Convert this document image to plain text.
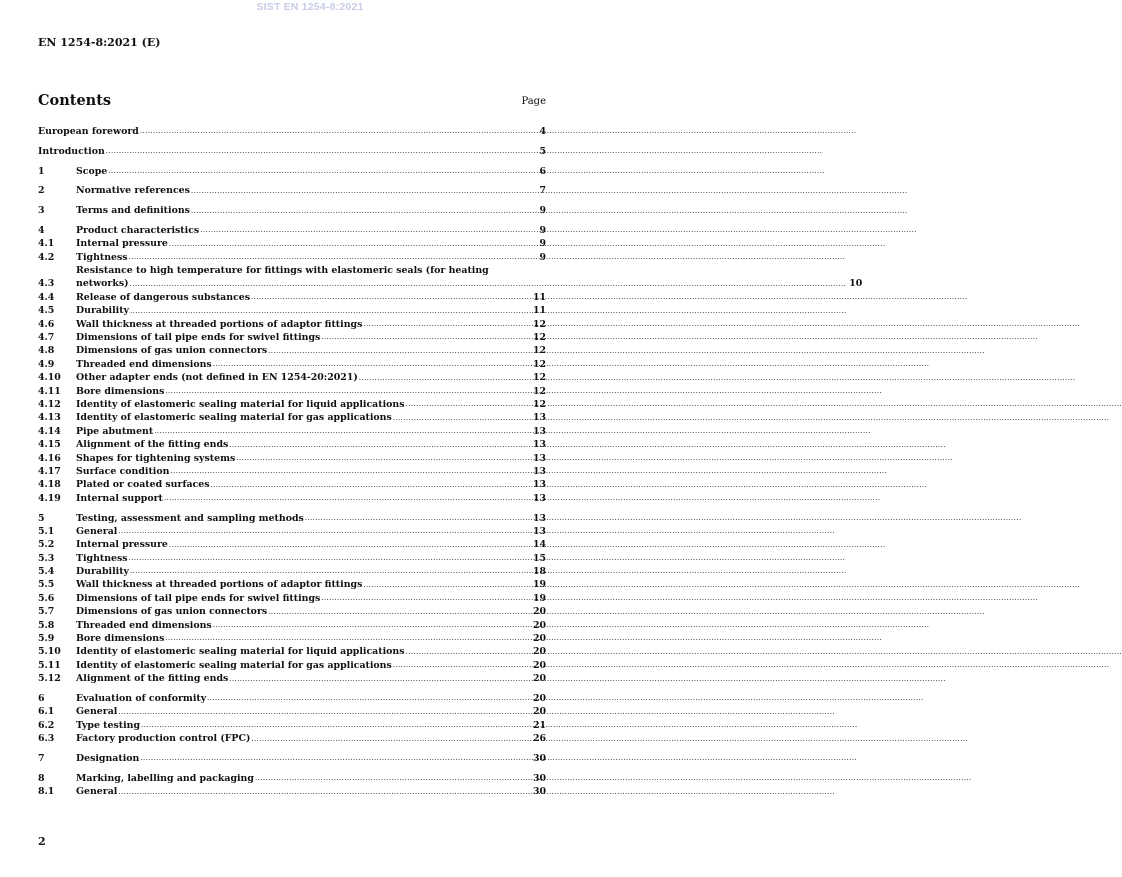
SIST EN 1254-8:2021
EN 1254-8:2021 (E)
Contents	Page
European foreword .....	4
Introduction .....	5
1	Scope .....	6
2	Normative references .....	7
3	Terms and definitions .....	9
4	Product characteristics .....	9
4.1	Internal pressure .....	9
4.2	Tightness .....	9
4.3
Resistance to high temperature for fittings with elastomeric seals (for heating
networks) .....	10
4.4	Release of dangerous substances .....	11
4.5	Durability .....	11
4.6	Wall thickness at threaded portions of adaptor fittings .....	12
4.7	Dimensions of tail pipe ends for swivel fittings .....	12
4.8	Dimensions of gas union connectors .....	12
4.9	Threaded end dimensions .....	12
4.10	Other adapter ends (not defined in EN 1254-20:2021) .....	12
4.11	Bore dimensions .....	12
4.12	Identity of elastomeric sealing material for liquid applications .....	12
4.13	Identity of elastomeric sealing material for gas applications .....	13
4.14	Pipe abutment .....	13
4.15	Alignment of the fitting ends .....	13
4.16	Shapes for tightening systems .....	13
4.17	Surface condition .....	13
4.18	Plated or coated surfaces .....	13
4.19	Internal support .....	13
5	Testing, assessment and sampling methods .....	13
5.1	General .....	13
5.2	Internal pressure .....	14
5.3	Tightness .....	15
5.4	Durability .....	18
5.5	Wall thickness at threaded portions of adaptor fittings .....	19
5.6	Dimensions of tail pipe ends for swivel fittings .....	19
5.7	Dimensions of gas union connectors .....	20
5.8	Threaded end dimensions .....	20
5.9	Bore dimensions .....	20
5.10	Identity of elastomeric sealing material for liquid applications .....	20
5.11	Identity of elastomeric sealing material for gas applications .....	20
5.12	Alignment of the fitting ends .....	20
6	Evaluation of conformity .....	20
6.1	General .....	20
6.2	Type testing .....	21
6.3	Factory production control (FPC) .....	26
7	Designation .....	30
8	Marking, labelling and packaging .....	30
8.1	General .....	30
2
